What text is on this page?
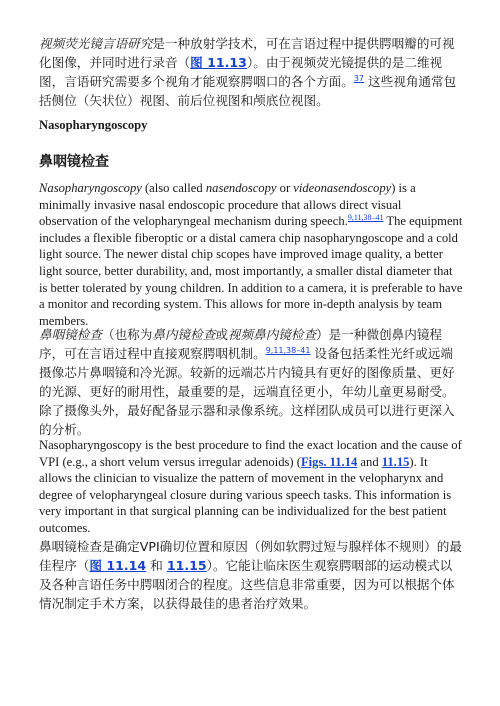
视频荧光镜言语研究是一种放射学技术，可在言语过程中提供腭咽瓣的可视化图像，并同时进行录音（图 11.13）。由于视频荧光镜提供的是二维视图，言语研究需要多个视角才能观察腭咽口的各个方面。$^{37}$ 这些视角通常包括侧位（矢状位）视图、前后位视图和颅底位视图。

Nasopharyngoscopy
鼻咽镜检查

Nasopharyngoscopy (also called nasendoscopy or videonasendoscopy) is a minimally invasive nasal endoscopic procedure that allows direct visual observation of the velopharyngeal mechanism during speech.$^{9,11,38-41}$ The equipment includes a flexible fiberoptic or a distal camera chip nasopharyngoscope and a cold light source. The newer distal chip scopes have improved image quality, a better light source, better durability, and, most importantly, a smaller distal diameter that is better tolerated by young children. In addition to a camera, it is preferable to have a monitor and recording system. This allows for more in-depth analysis by team members.

鼻咽镜检查（也称为鼻内镜检查或视频鼻内镜检查）是一种微创鼻内镜程序，可在言语过程中直接观察腭咽机制。$^{9,11,38-41}$ 设备包括柔性光纤或远端摄像芯片鼻咽镜和冷光源。较新的远端芯片内镜具有更好的图像质量、更好的光源、更好的耐用性，最重要的是，远端直径更小，年幼儿童更易耐受。除了摄像头外，最好配备显示器和录像系统。这样团队成员可以进行更深入的分析。

Nasopharyngoscopy is the best procedure to find the exact location and the cause of VPI (e.g., a short velum versus irregular adenoids) (Figs. 11.14 and 11.15). It allows the clinician to visualize the pattern of movement in the velopharynx and degree of velopharyngeal closure during various speech tasks. This information is very important in that surgical planning can be individualized for the best patient outcomes.

鼻咽镜检查是确定VPI确切位置和原因（例如软腭过短与腺样体不规则）的最佳程序（图 11.14 和 11.15）。它能让临床医生观察腭咽部的运动模式以及各种言语任务中腭咽闭合的程度。这些信息非常重要，因为可以根据个体情况制定手术方案，以获得最佳的患者治疗效果。
